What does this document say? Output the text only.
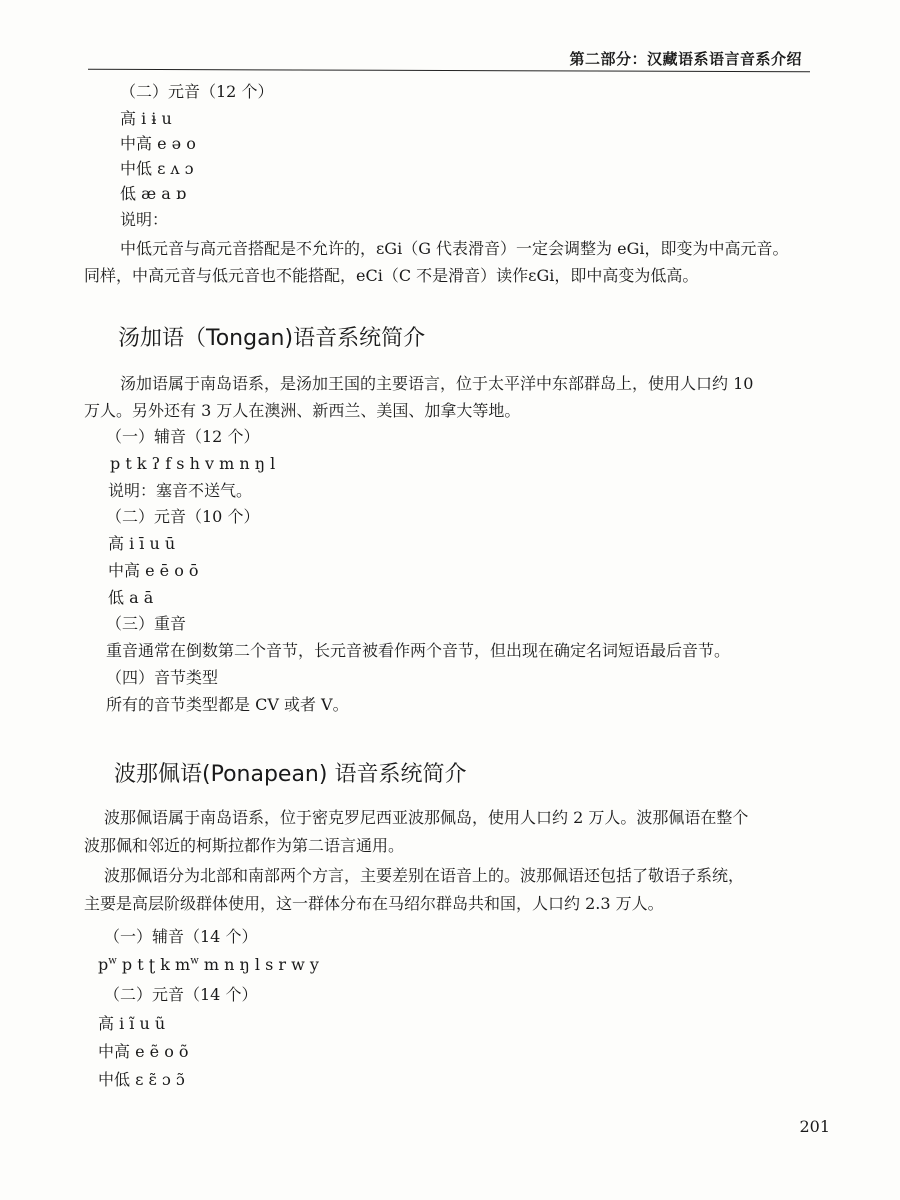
第二部分：汉藏语系语言音系介绍
（二）元音（12 个）
高 i ɨ u
中高 e ə o
中低 ɛ ʌ ɔ
低 æ a ɒ
说明：
中低元音与高元音搭配是不允许的，ɛGi（G 代表滑音）一定会调整为 eGi，即变为中高元音。
同样，中高元音与低元音也不能搭配，eCi（C 不是滑音）读作ɛGi，即中高变为低高。
汤加语（Tongan)语音系统简介
汤加语属于南岛语系，是汤加王国的主要语言，位于太平洋中东部群岛上，使用人口约 10
万人。另外还有 3 万人在澳洲、新西兰、美国、加拿大等地。
（一）辅音（12 个）
p t k ʔ f s h v m n ŋ l
说明：塞音不送气。
（二）元音（10 个）
高 i ī u ū
中高 e ē o ō
低 a ā
（三）重音
重音通常在倒数第二个音节，长元音被看作两个音节，但出现在确定名词短语最后音节。
（四）音节类型
所有的音节类型都是 CV 或者 V。
波那佩语(Ponapean) 语音系统简介
波那佩语属于南岛语系，位于密克罗尼西亚波那佩岛，使用人口约 2 万人。波那佩语在整个
波那佩和邻近的柯斯拉都作为第二语言通用。
波那佩语分为北部和南部两个方言，主要差别在语音上的。波那佩语还包括了敬语子系统，
主要是高层阶级群体使用，这一群体分布在马绍尔群岛共和国，人口约 2.3 万人。
（一）辅音（14 个）
$p^w$ p t ʈ k $m^w$ m n ŋ l s r w y
（二）元音（14 个）
高 i ĩ u ũ
中高 e ẽ o õ
中低 ɛ ɛ̃ ɔ ɔ̃
201
